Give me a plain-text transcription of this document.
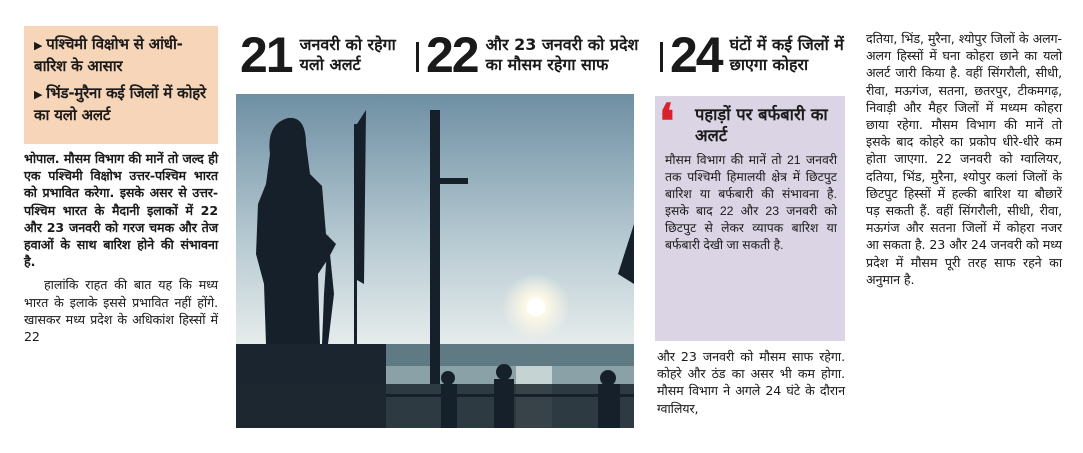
▶ पश्चिमी विक्षोभ से आंधी-बारिश के आसार
▶ भिंड-मुरैना कई जिलों में कोहरे का यलो अलर्ट

भोपाल. मौसम विभाग की मानें तो जल्द ही एक पश्चिमी विक्षोभ उत्तर-पश्चिम भारत को प्रभावित करेगा. इसके असर से उत्तर-पश्चिम भारत के मैदानी इलाकों में 22 और 23 जनवरी को गरज चमक और तेज हवाओं के साथ बारिश होने की संभावना है.

हालांकि राहत की बात यह कि मध्य भारत के इलाके इससे प्रभावित नहीं होंगे. खासकर मध्य प्रदेश के अधिकांश हिस्सों में 22

21 जनवरी को रहेगा यलो अलर्ट	22 और 23 जनवरी को प्रदेश का मौसम रहेगा साफ	24 घंटों में कई जिलों में छाएगा कोहरा
❛ पहाड़ों पर बर्फबारी का अलर्ट

मौसम विभाग की मानें तो 21 जनवरी तक पश्चिमी हिमालयी क्षेत्र में छिटपुट बारिश या बर्फबारी की संभावना है. इसके बाद 22 और 23 जनवरी को छिटपुट से लेकर व्यापक बारिश या बर्फबारी देखी जा सकती है.

और 23 जनवरी को मौसम साफ रहेगा. कोहरे और ठंड का असर भी कम होगा. मौसम विभाग ने अगले 24 घंटे के दौरान ग्वालियर,

दतिया, भिंड, मुरैना, श्योपुर जिलों के अलग-अलग हिस्सों में घना कोहरा छाने का यलो अलर्ट जारी किया है. वहीं सिंगरौली, सीधी, रीवा, मऊगंज, सतना, छतरपुर, टीकमगढ़, निवाड़ी और मैहर जिलों में मध्यम कोहरा छाया रहेगा. मौसम विभाग की मानें तो इसके बाद कोहरे का प्रकोप धीरे-धीरे कम होता जाएगा. 22 जनवरी को ग्वालियर, दतिया, भिंड, मुरैना, श्योपुर कलां जिलों के छिटपुट हिस्सों में हल्की बारिश या बौछारें पड़ सकती हैं. वहीं सिंगरौली, सीधी, रीवा, मऊगंज और सतना जिलों में कोहरा नजर आ सकता है. 23 और 24 जनवरी को मध्य प्रदेश में मौसम पूरी तरह साफ रहने का अनुमान है.
